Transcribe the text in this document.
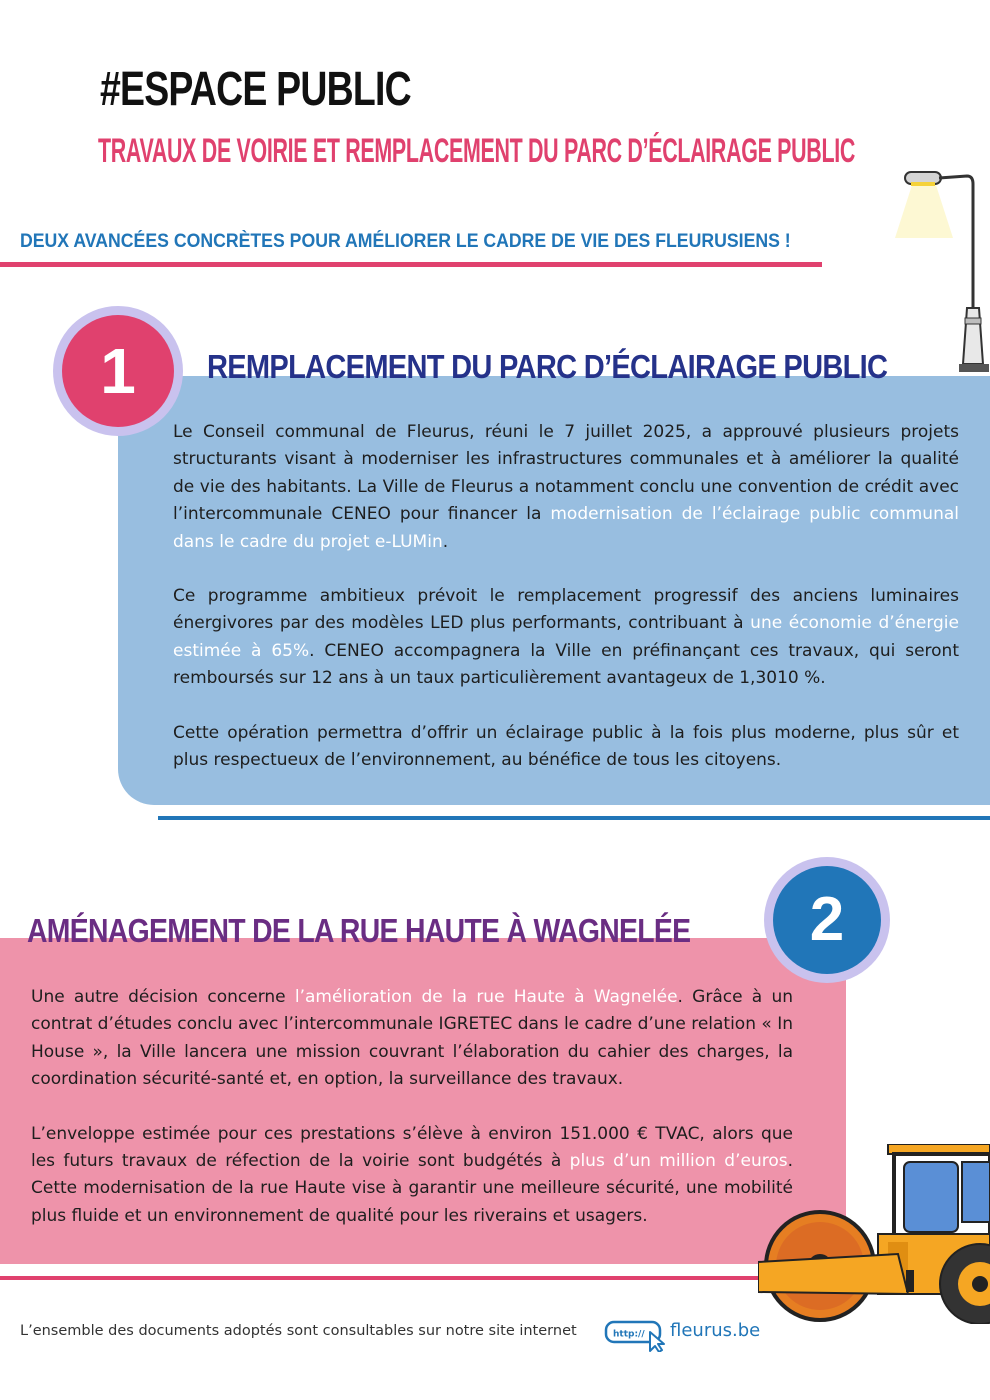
#ESPACE PUBLIC
TRAVAUX DE VOIRIE ET REMPLACEMENT DU PARC D’ÉCLAIRAGE PUBLIC
DEUX AVANCÉES CONCRÈTES POUR AMÉLIORER LE CADRE DE VIE DES FLEURUSIENS !
1	REMPLACEMENT DU PARC D’ÉCLAIRAGE PUBLIC

Le Conseil communal de Fleurus, réuni le 7 juillet 2025, a approuvé plusieurs projets structurants visant à moderniser les infrastructures communales et à améliorer la qualité de vie des habitants. La Ville de Fleurus a notamment conclu une convention de crédit avec l’intercommunale CENEO pour financer la modernisation de l’éclairage public communal dans le cadre du projet e-LUMin.

Ce programme ambitieux prévoit le remplacement progressif des anciens luminaires énergivores par des modèles LED plus performants, contribuant à une économie d’énergie estimée à 65%. CENEO accompagnera la Ville en préfinançant ces travaux, qui seront remboursés sur 12 ans à un taux particulièrement avantageux de 1,3010 %.

Cette opération permettra d’offrir un éclairage public à la fois plus moderne, plus sûr et plus respectueux de l’environnement, au bénéfice de tous les citoyens.

2
AMÉNAGEMENT DE LA RUE HAUTE À WAGNELÉE

Une autre décision concerne l’amélioration de la rue Haute à Wagnelée. Grâce à un contrat d’études conclu avec l’intercommunale IGRETEC dans le cadre d’une relation « In House », la Ville lancera une mission couvrant l’élaboration du cahier des charges, la coordination sécurité-santé et, en option, la surveillance des travaux.

L’enveloppe estimée pour ces prestations s’élève à environ 151.000 € TVAC, alors que les futurs travaux de réfection de la voirie sont budgétés à plus d’un million d’euros. Cette modernisation de la rue Haute vise à garantir une meilleure sécurité, une mobilité plus fluide et un environnement de qualité pour les riverains et usagers.

L’ensemble des documents adoptés sont consultables sur notre site internet	http:// fleurus.be
